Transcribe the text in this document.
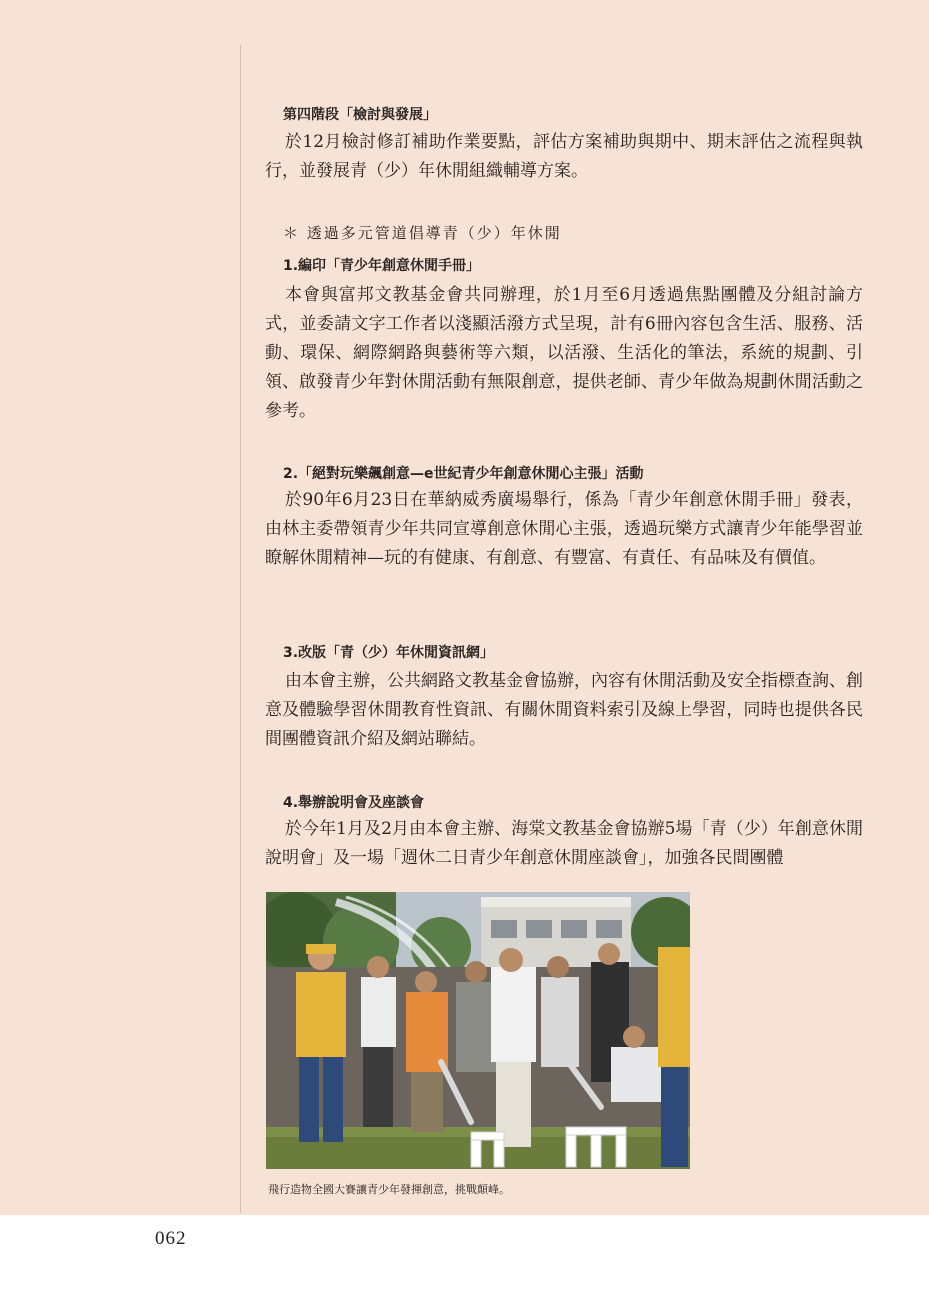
第四階段「檢討與發展」

於12月檢討修訂補助作業要點，評估方案補助與期中、期末評估之流程與執行，並發展青（少）年休閒組織輔導方案。

＊ 透過多元管道倡導青（少）年休閒
1.編印「青少年創意休閒手冊」

本會與富邦文教基金會共同辦理，於1月至6月透過焦點團體及分組討論方式，並委請文字工作者以淺顯活潑方式呈現，計有6冊內容包含生活、服務、活動、環保、網際網路與藝術等六類，以活潑、生活化的筆法，系統的規劃、引領、啟發青少年對休閒活動有無限創意，提供老師、青少年做為規劃休閒活動之參考。

2.「絕對玩樂飆創意—e世紀青少年創意休閒心主張」活動

於90年6月23日在華納威秀廣場舉行，係為「青少年創意休閒手冊」發表，由林主委帶領青少年共同宣導創意休閒心主張，透過玩樂方式讓青少年能學習並瞭解休閒精神—玩的有健康、有創意、有豐富、有責任、有品味及有價值。

3.改版「青（少）年休閒資訊網」

由本會主辦，公共網路文教基金會協辦，內容有休閒活動及安全指標查詢、創意及體驗學習休閒教育性資訊、有關休閒資料索引及線上學習，同時也提供各民間團體資訊介紹及網站聯結。

4.舉辦說明會及座談會

於今年1月及2月由本會主辦、海棠文教基金會協辦5場「青（少）年創意休閒說明會」及一場「週休二日青少年創意休閒座談會」，加強各民間團體

飛行造物全國大賽讓青少年發揮創意，挑戰顛峰。
062
